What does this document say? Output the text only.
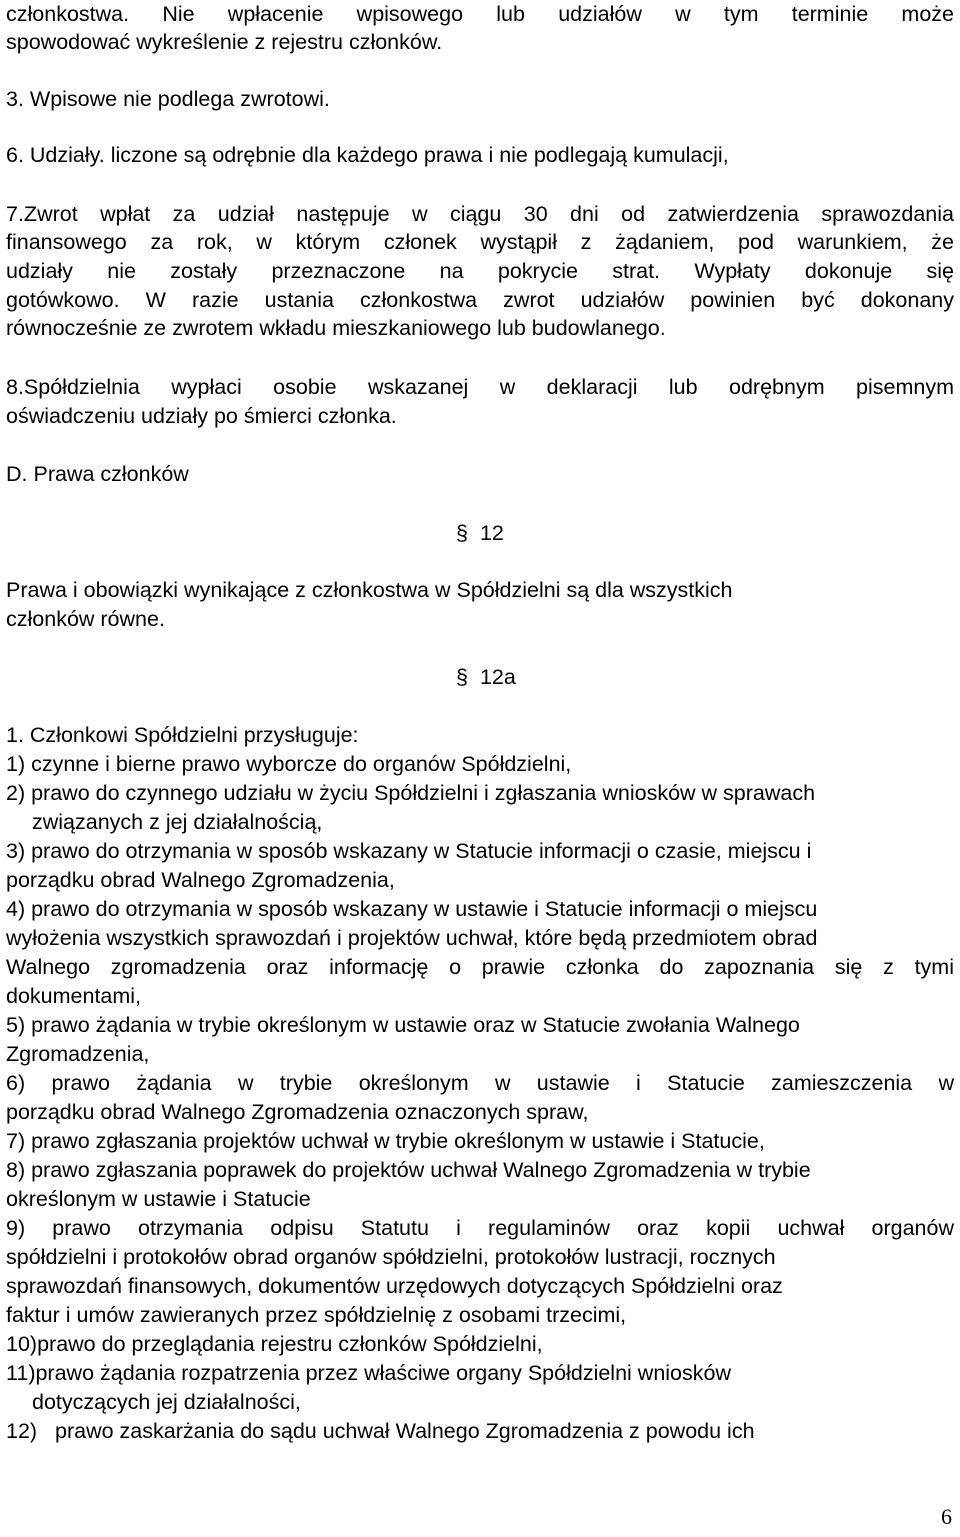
członkostwa. Nie wpłacenie wpisowego lub udziałów w tym terminie może
spowodować wykreślenie z rejestru członków.
3. Wpisowe nie podlega zwrotowi.
6. Udziały. liczone są odrębnie dla każdego prawa i nie podlegają kumulacji,
7.Zwrot wpłat za udział następuje w ciągu 30 dni od zatwierdzenia sprawozdania
finansowego za rok, w którym członek wystąpił z żądaniem, pod warunkiem, że
udziały nie zostały przeznaczone na pokrycie strat. Wypłaty dokonuje się
gotówkowo. W razie ustania członkostwa zwrot udziałów powinien być dokonany
równocześnie ze zwrotem wkładu mieszkaniowego lub budowlanego.
8.Spółdzielnia wypłaci osobie wskazanej w deklaracji lub odrębnym pisemnym
oświadczeniu udziały po śmierci członka.
D. Prawa członków
§ 12
Prawa i obowiązki wynikające z członkostwa w Spółdzielni są dla wszystkich
członków równe.
§ 12a
1. Członkowi Spółdzielni przysługuje:
1) czynne i bierne prawo wyborcze do organów Spółdzielni,
2) prawo do czynnego udziału w życiu Spółdzielni i zgłaszania wniosków w sprawach
związanych z jej działalnością,
3) prawo do otrzymania w sposób wskazany w Statucie informacji o czasie, miejscu i
porządku obrad Walnego Zgromadzenia,
4) prawo do otrzymania w sposób wskazany w ustawie i Statucie informacji o miejscu
wyłożenia wszystkich sprawozdań i projektów uchwał, które będą przedmiotem obrad
Walnego zgromadzenia oraz informację o prawie członka do zapoznania się z tymi
dokumentami,
5) prawo żądania w trybie określonym w ustawie oraz w Statucie zwołania Walnego
Zgromadzenia,
6) prawo żądania w trybie określonym w ustawie i Statucie zamieszczenia w
porządku obrad Walnego Zgromadzenia oznaczonych spraw,
7) prawo zgłaszania projektów uchwał w trybie określonym w ustawie i Statucie,
8) prawo zgłaszania poprawek do projektów uchwał Walnego Zgromadzenia w trybie
określonym w ustawie i Statucie
9) prawo otrzymania odpisu Statutu i regulaminów oraz kopii uchwał organów
spółdzielni i protokołów obrad organów spółdzielni, protokołów lustracji, rocznych
sprawozdań finansowych, dokumentów urzędowych dotyczących Spółdzielni oraz
faktur i umów zawieranych przez spółdzielnię z osobami trzecimi,
10)prawo do przeglądania rejestru członków Spółdzielni,
11)prawo żądania rozpatrzenia przez właściwe organy Spółdzielni wniosków
dotyczących jej działalności,
12)   prawo zaskarżania do sądu uchwał Walnego Zgromadzenia z powodu ich
6
